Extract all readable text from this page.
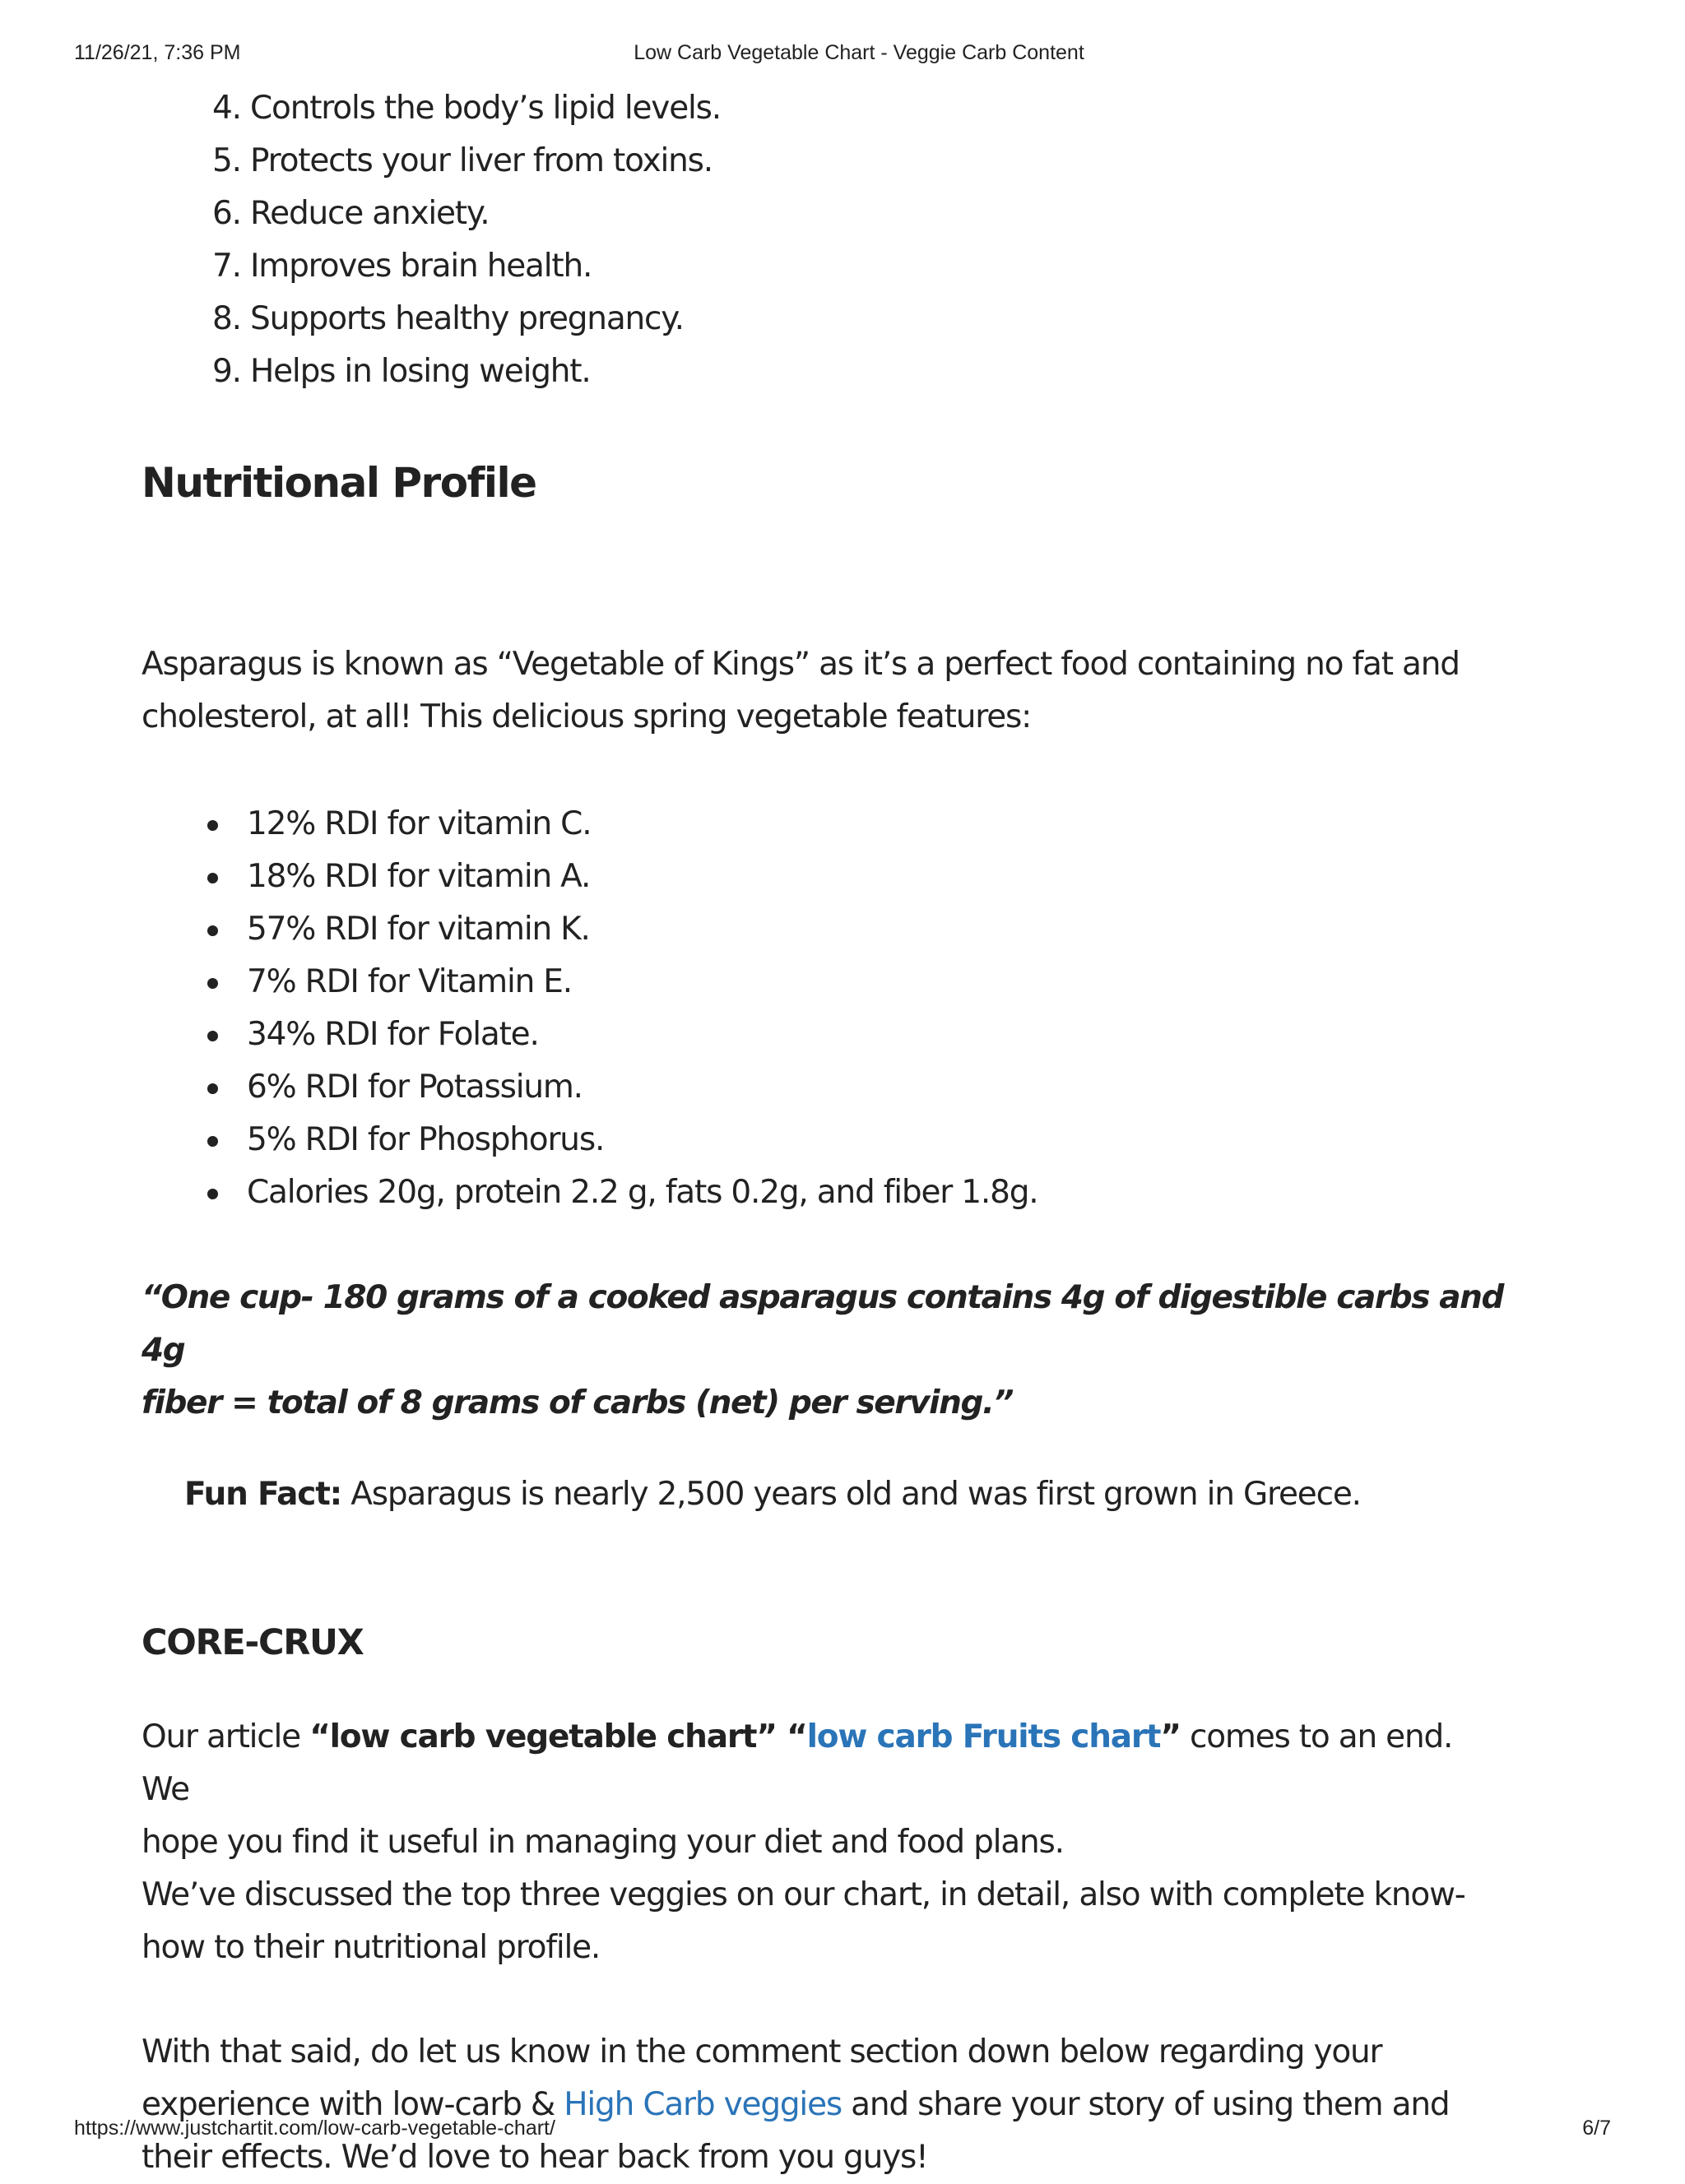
11/26/21, 7:36 PM	Low Carb Vegetable Chart - Veggie Carb Content
4. Controls the body’s lipid levels.
5. Protects your liver from toxins.
6. Reduce anxiety.
7. Improves brain health.
8. Supports healthy pregnancy.
9. Helps in losing weight.
Nutritional Profile

Asparagus is known as “Vegetable of Kings” as it’s a perfect food containing no fat and
cholesterol, at all! This delicious spring vegetable features:

12% RDI for vitamin C.
18% RDI for vitamin A.
57% RDI for vitamin K.
7% RDI for Vitamin E.
34% RDI for Folate.
6% RDI for Potassium.
5% RDI for Phosphorus.
Calories 20g, protein 2.2 g, fats 0.2g, and fiber 1.8g.

“One cup- 180 grams of a cooked asparagus contains 4g of digestible carbs and 4g
fiber = total of 8 grams of carbs (net) per serving.”

Fun Fact: Asparagus is nearly 2,500 years old and was first grown in Greece.

CORE-CRUX

Our article “low carb vegetable chart” “low carb Fruits chart” comes to an end. We
hope you find it useful in managing your diet and food plans.

We’ve discussed the top three veggies on our chart, in detail, also with complete know-
how to their nutritional profile.

With that said, do let us know in the comment section down below regarding your
experience with low-carb & High Carb veggies and share your story of using them and
their effects. We’d love to hear back from you guys!

https://www.justchartit.com/low-carb-vegetable-chart/	6/7
